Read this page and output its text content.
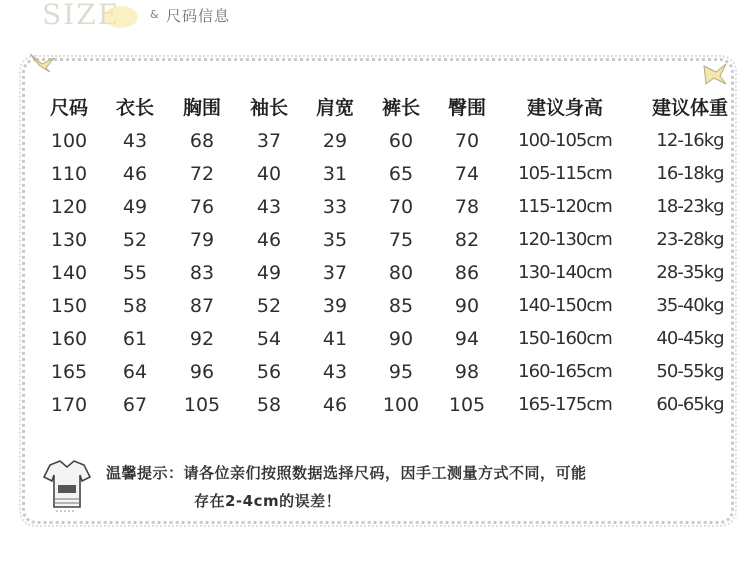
SIZE	& 尺码信息
	尺码	衣长	胸围	袖长	肩宽	裤长	臀围	建议身高	建议体重
	100	43	68	37	29	60	70	100-105cm	12-16kg
	110	46	72	40	31	65	74	105-115cm	16-18kg
	120	49	76	43	33	70	78	115-120cm	18-23kg
	130	52	79	46	35	75	82	120-130cm	23-28kg
	140	55	83	49	37	80	86	130-140cm	28-35kg
	150	58	87	52	39	85	90	140-150cm	35-40kg
	160	61	92	54	41	90	94	150-160cm	40-45kg
	165	64	96	56	43	95	98	160-165cm	50-55kg
	170	67	105	58	46	100	105	165-175cm	60-65kg
温馨提示：请各位亲们按照数据选择尺码，因手工测量方式不同，可能
存在2-4cm的误差！
